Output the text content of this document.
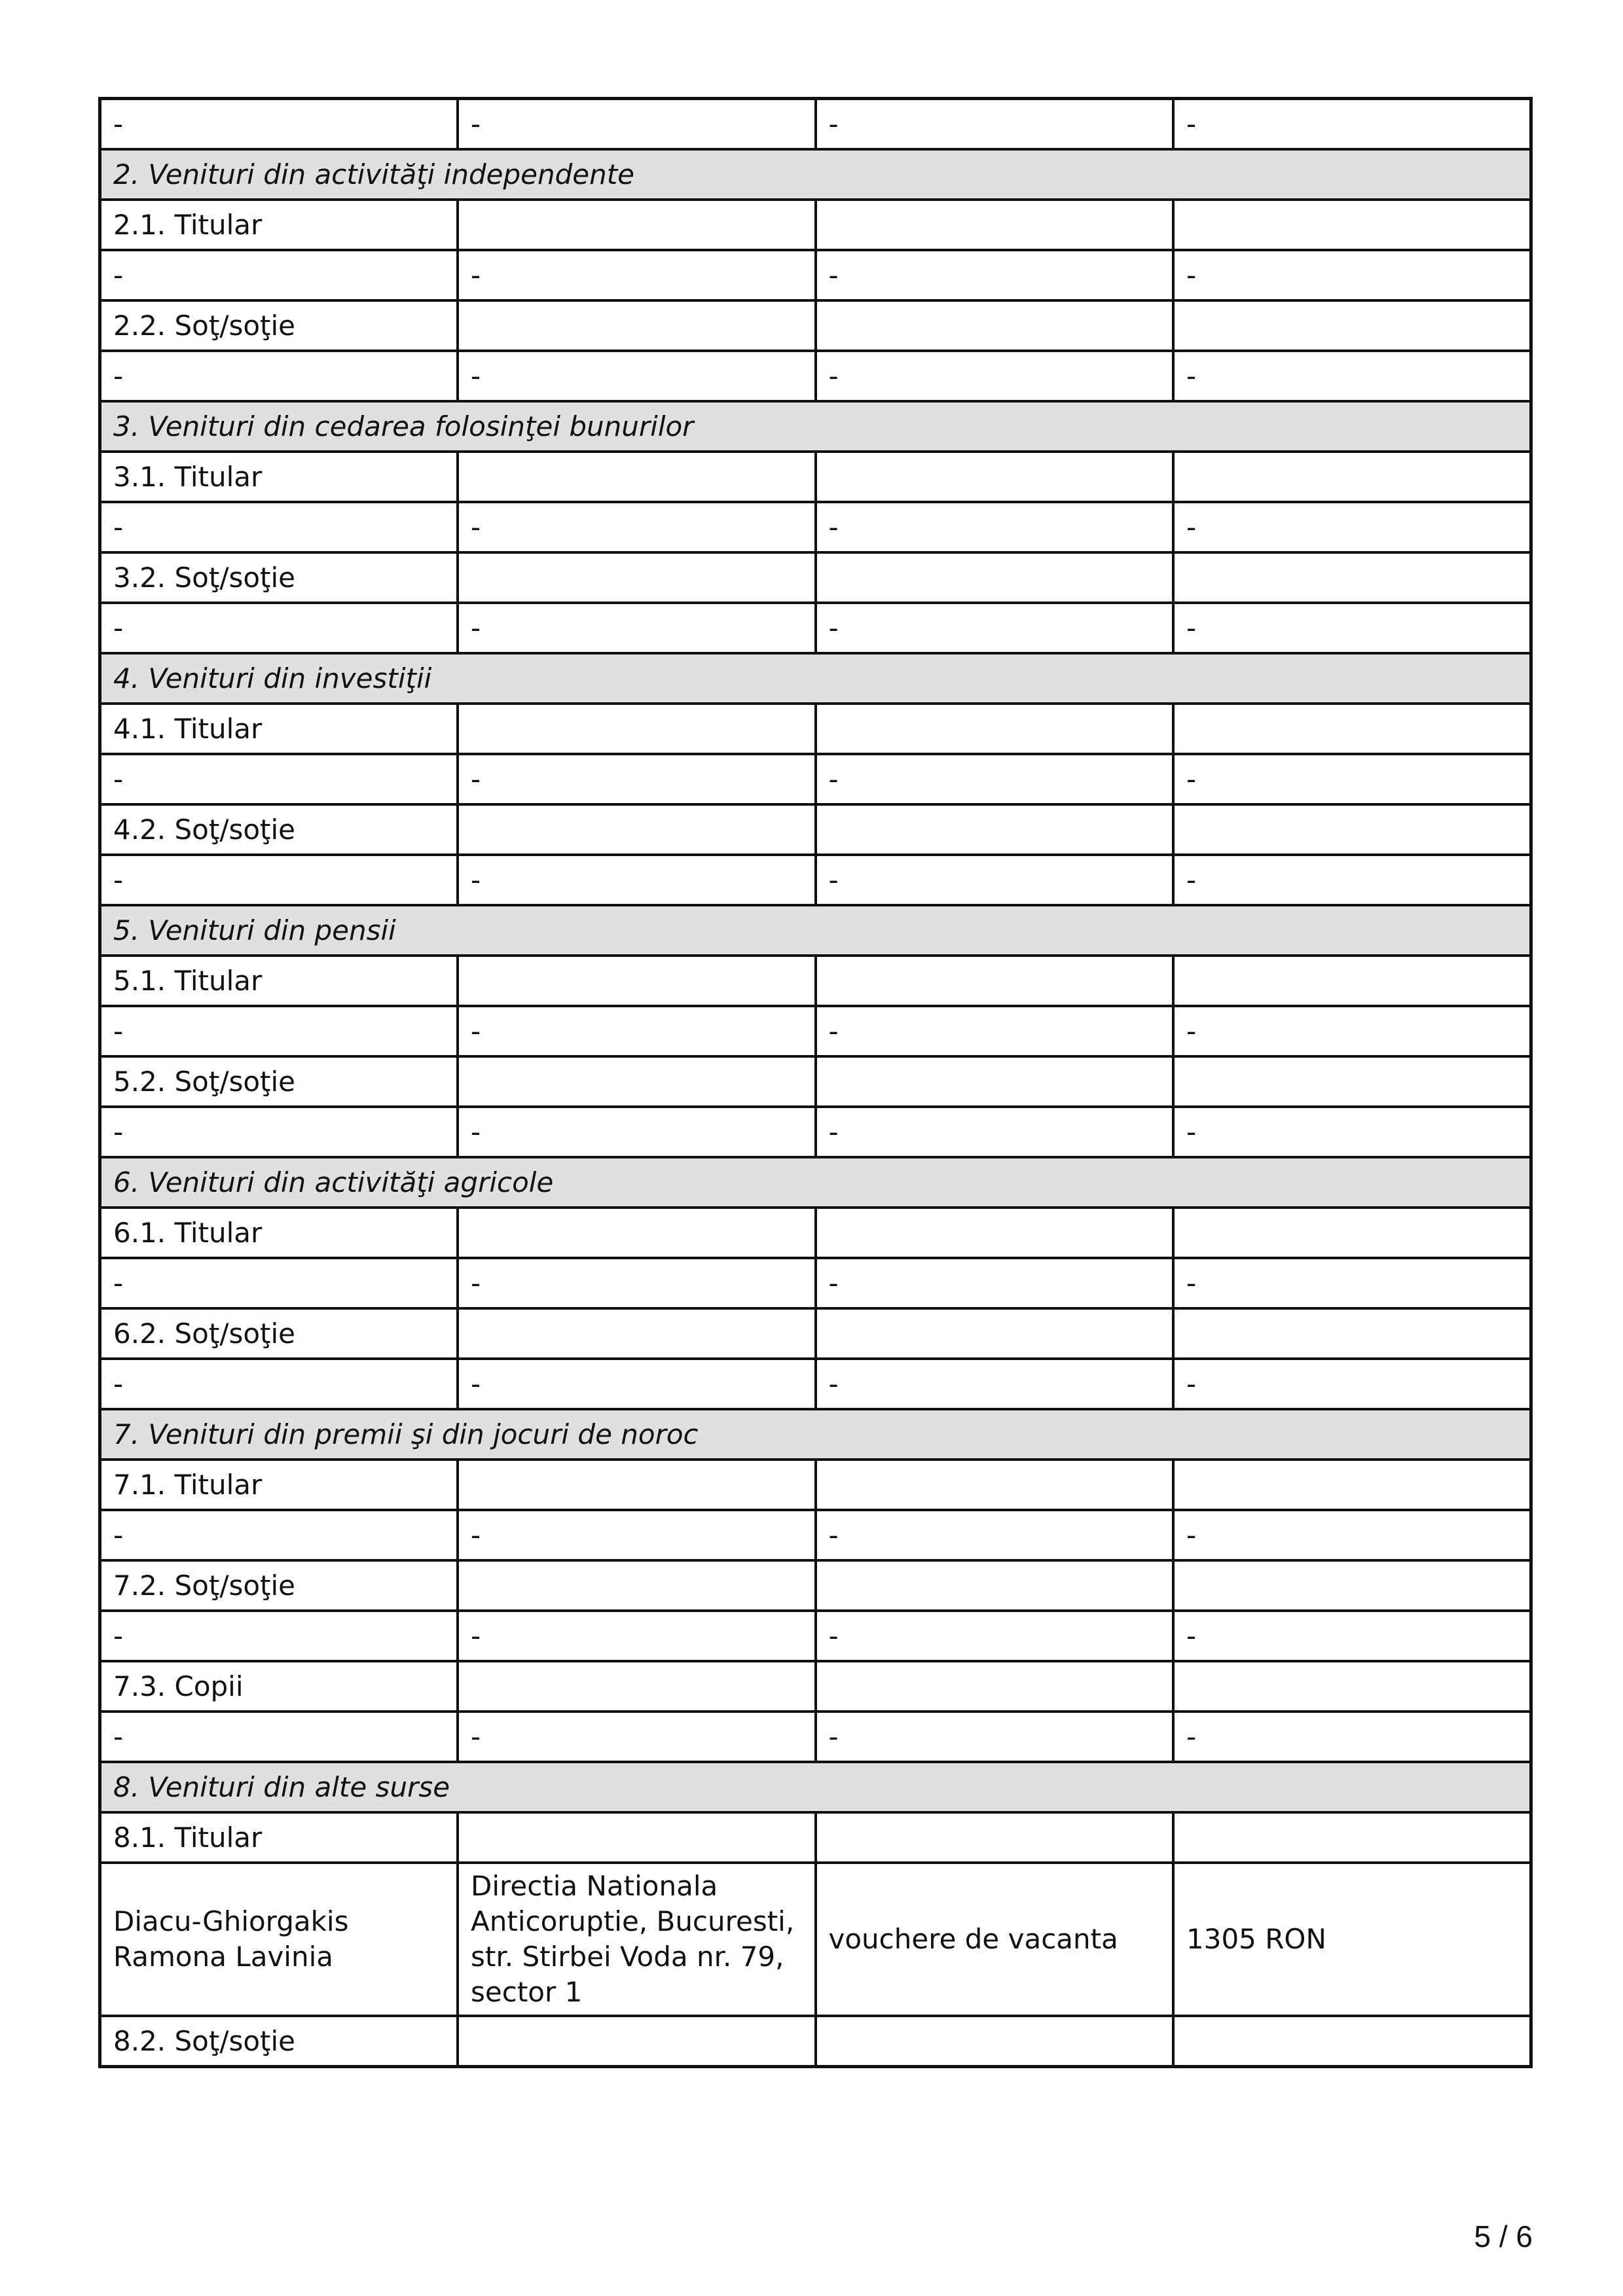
-	-	-	-
2. Venituri din activităţi independente			
2.1. Titular			
-	-	-	-
2.2. Soţ/soţie			
-	-	-	-
3. Venituri din cedarea folosinţei bunurilor			
3.1. Titular			
-	-	-	-
3.2. Soţ/soţie			
-	-	-	-
4. Venituri din investiţii			
4.1. Titular			
-	-	-	-
4.2. Soţ/soţie			
-	-	-	-
5. Venituri din pensii			
5.1. Titular			
-	-	-	-
5.2. Soţ/soţie			
-	-	-	-
6. Venituri din activităţi agricole			
6.1. Titular			
-	-	-	-
6.2. Soţ/soţie			
-	-	-	-
7. Venituri din premii şi din jocuri de noroc			
7.1. Titular			
-	-	-	-
7.2. Soţ/soţie			
-	-	-	-
7.3. Copii			
-	-	-	-
8. Venituri din alte surse			
8.1. Titular			
Diacu-Ghiorgakis Ramona Lavinia	Directia Nationala Anticoruptie, Bucuresti, str. Stirbei Voda nr. 79, sector 1	vouchere de vacanta	1305 RON
8.2. Soţ/soţie			
5 / 6
